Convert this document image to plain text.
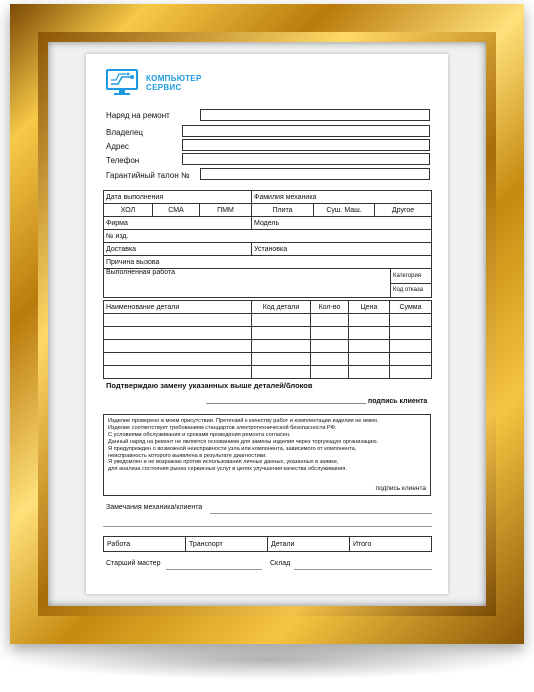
КОМПЬЮТЕР
СЕРВИС
Наряд на ремонт
Владелец
Адрес
Телефон
Гарантийный талон №
Дата выполнения			Фамилия механика		
ХОЛ	СМА	ПММ	Плита	Суш. Маш.	Другое
Фирма			Модель		
№ изд.					
Доставка			Установка		
Причина вызова					
Выполненная работа	Категория
Код отказа
Наименование детали	Код детали	Кол-во	Цена	Сумма

Подтверждаю замену указанных выше деталей/блоков
подпись клиента
Изделие проверено в моем присутствии. Претензий к качеству работ и комплектации изделия не имею.
Изделие соответствует требованиям стандартов электротехнической безопасности РФ.
С условиями обслуживания и сроками проведения ремонта согласен.
Данный наряд на ремонт не является основанием для замены изделия через торгующую организацию.
Я предупрежден о возможной неисправности узла или компонента, зависимого от компонента,
неисправность которого выявлена в результате диагностики.
Я уведомлен и не возражаю против использования личных данных, указанных в заявке,
для анализа состояния рынка сервисных услуг в целях улучшения качества обслуживания.
подпись клиента
Замечания механика/клиента
Работа	Транспорт	Детали	Итого
Старший мастер	Склад
